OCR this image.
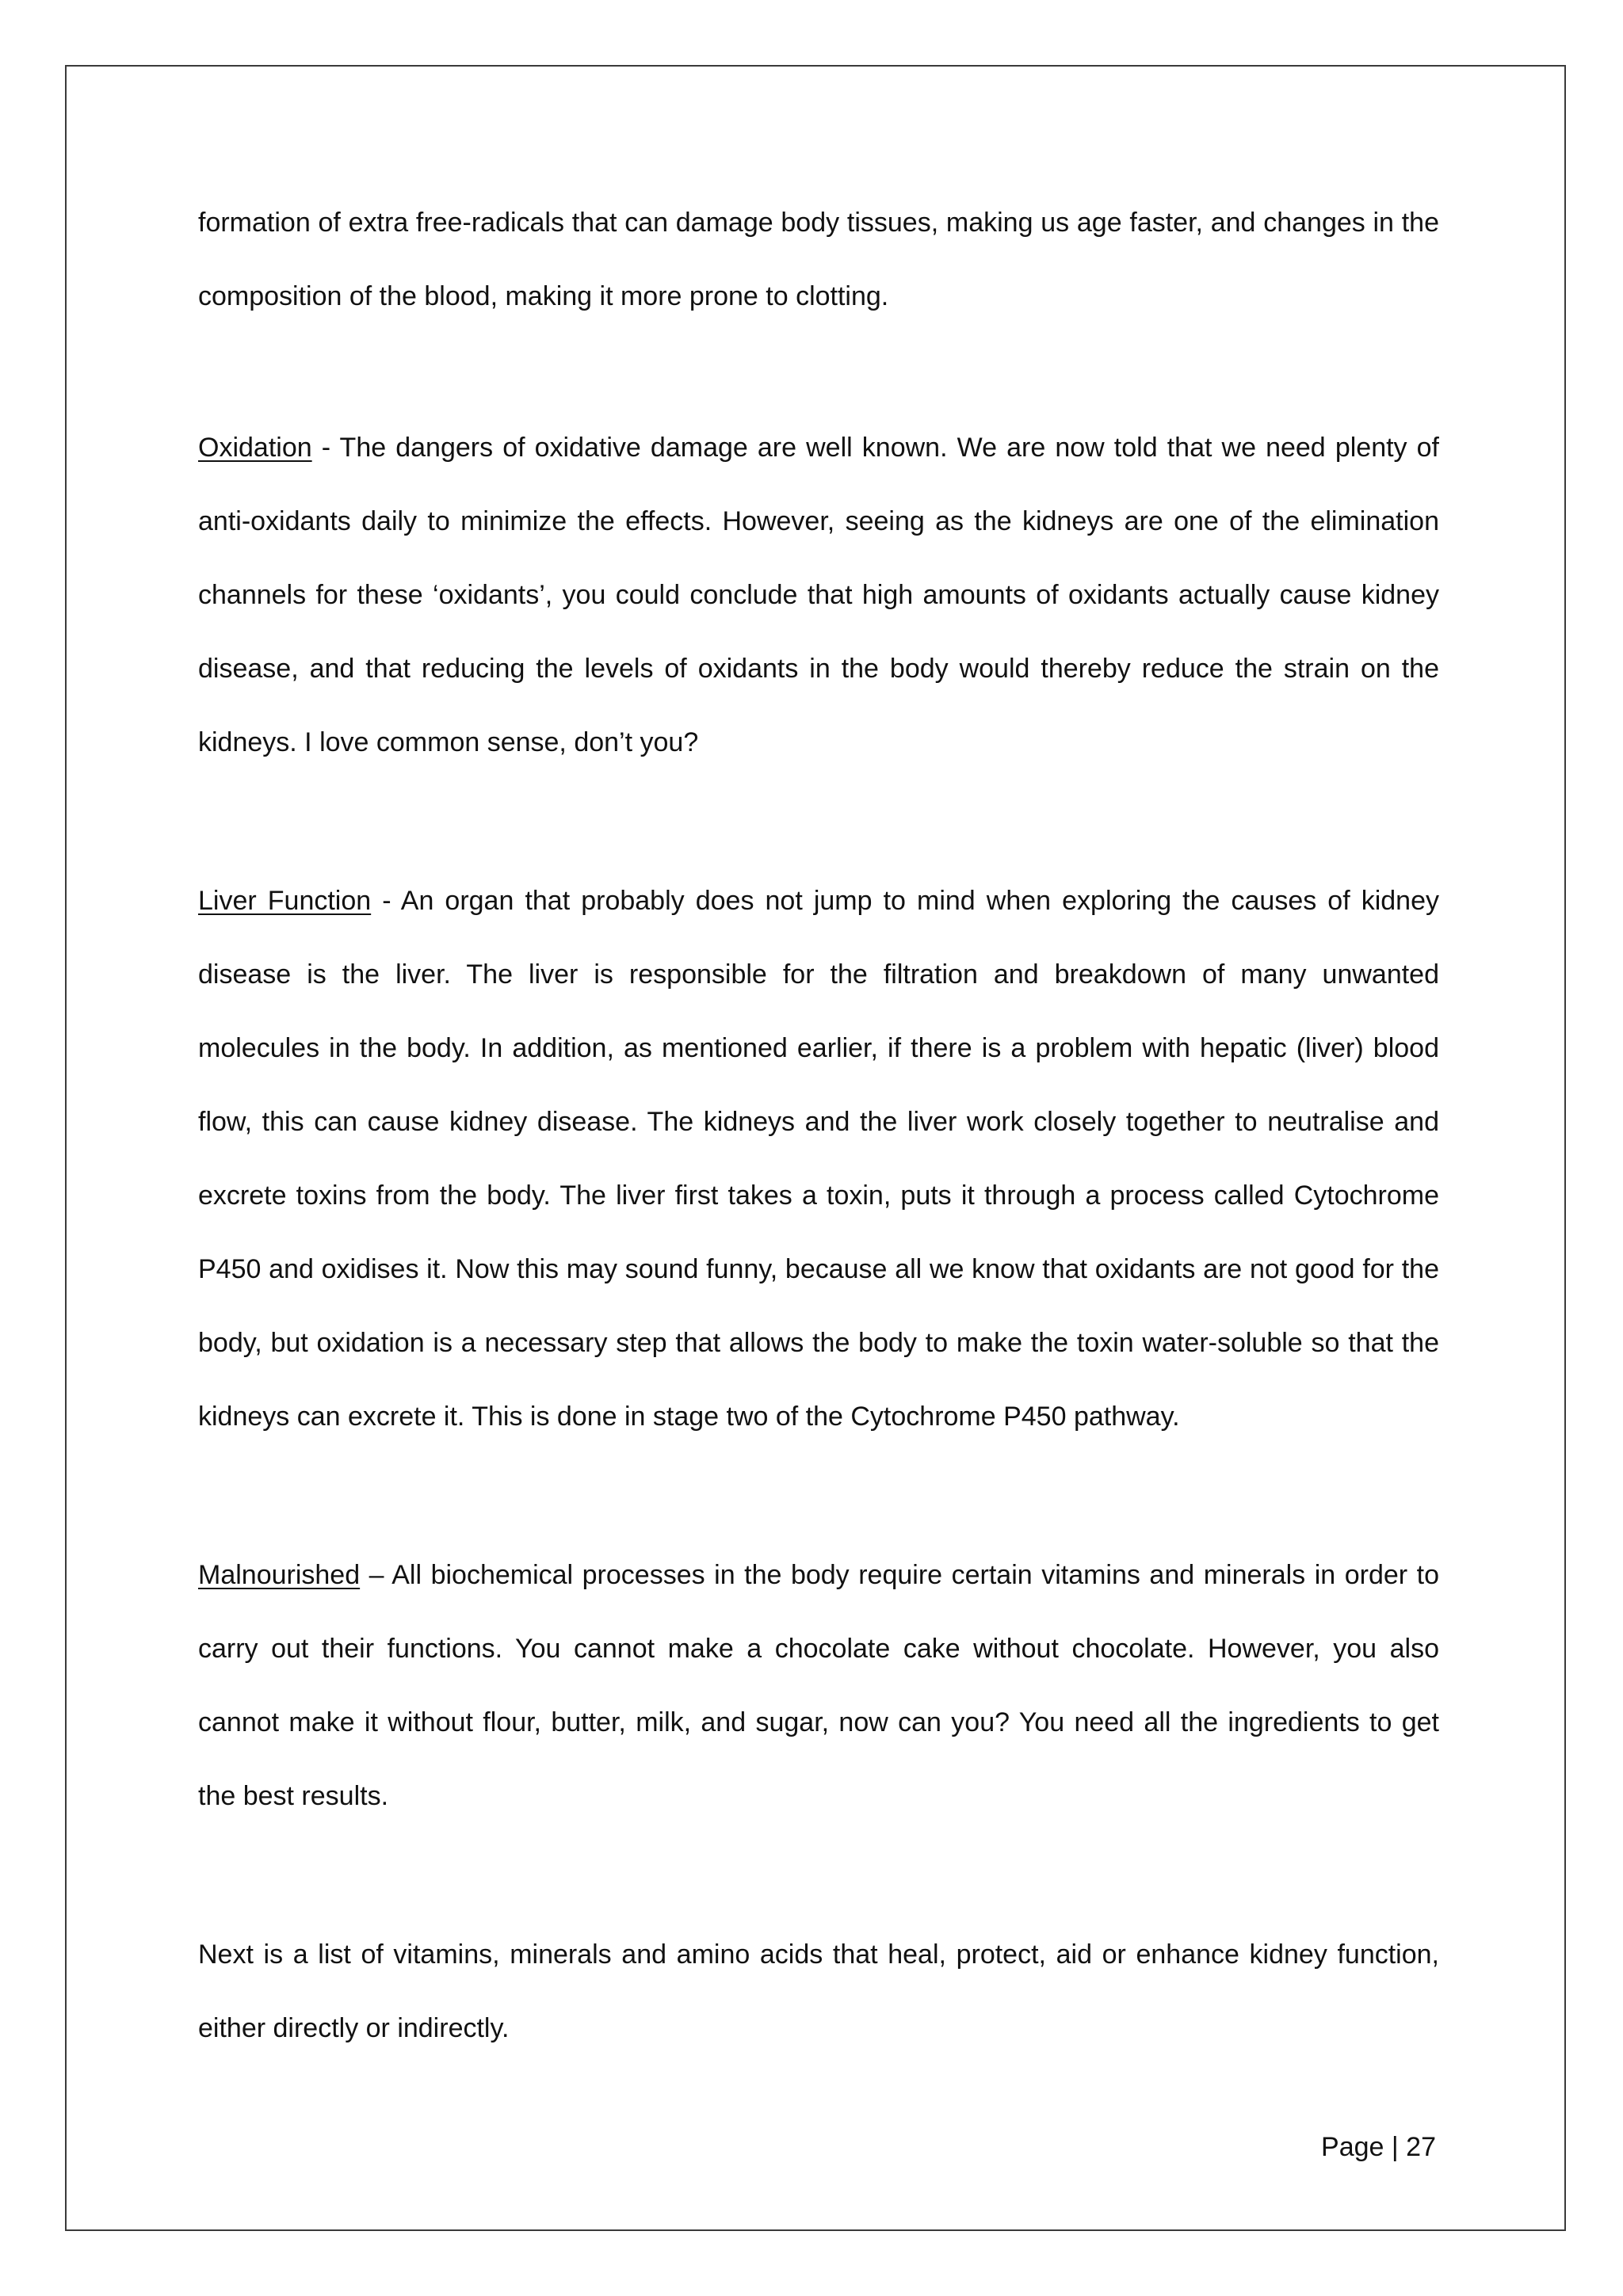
formation of extra free-radicals that can damage body tissues, making us age faster, and changes in the composition of the blood, making it more prone to clotting.

Oxidation - The dangers of oxidative damage are well known. We are now told that we need plenty of anti-oxidants daily to minimize the effects. However, seeing as the kidneys are one of the elimination channels for these ‘oxidants’, you could conclude that high amounts of oxidants actually cause kidney disease, and that reducing the levels of oxidants in the body would thereby reduce the strain on the kidneys. I love common sense, don’t you?

Liver Function - An organ that probably does not jump to mind when exploring the causes of kidney disease is the liver. The liver is responsible for the filtration and breakdown of many unwanted molecules in the body. In addition, as mentioned earlier, if there is a problem with hepatic (liver) blood flow, this can cause kidney disease. The kidneys and the liver work closely together to neutralise and excrete toxins from the body. The liver first takes a toxin, puts it through a process called Cytochrome P450 and oxidises it. Now this may sound funny, because all we know that oxidants are not good for the body, but oxidation is a necessary step that allows the body to make the toxin water-soluble so that the kidneys can excrete it. This is done in stage two of the Cytochrome P450 pathway.

Malnourished – All biochemical processes in the body require certain vitamins and minerals in order to carry out their functions. You cannot make a chocolate cake without chocolate. However, you also cannot make it without flour, butter, milk, and sugar, now can you? You need all the ingredients to get the best results.

Next is a list of vitamins, minerals and amino acids that heal, protect, aid or enhance kidney function, either directly or indirectly.

Page | 27
